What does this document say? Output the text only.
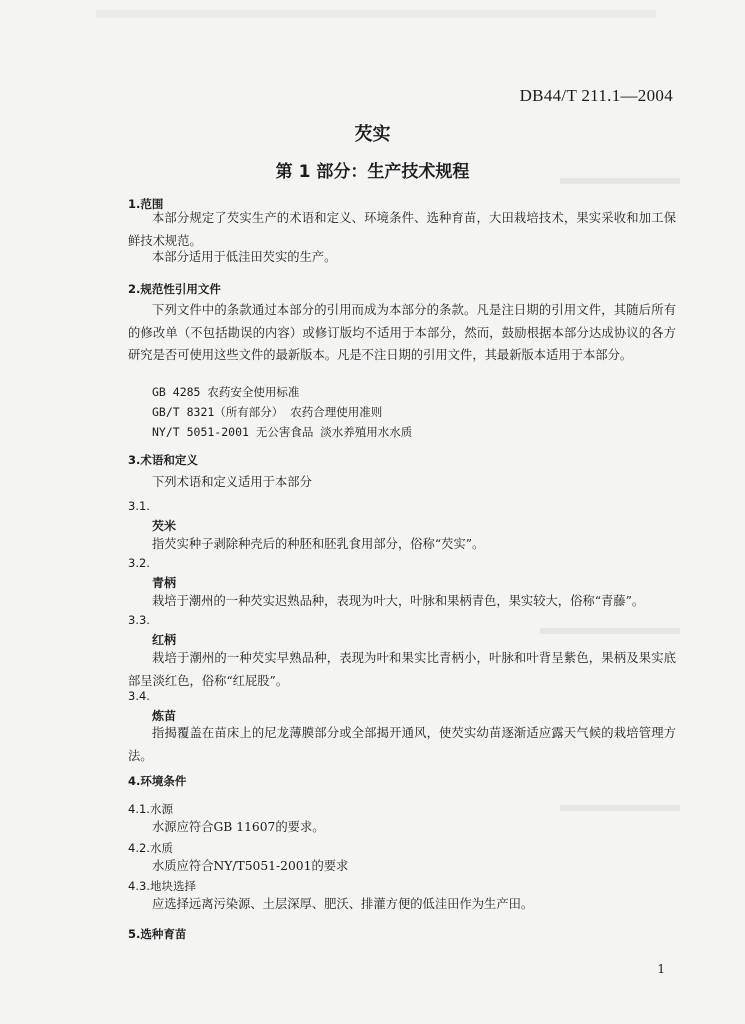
DB44/T 211.1—2004
芡实
第 1 部分：生产技术规程
1.范围
本部分规定了芡实生产的术语和定义、环境条件、选种育苗，大田栽培技术，果实采收和加工保鲜技术规范。
本部分适用于低洼田芡实的生产。
2.规范性引用文件
下列文件中的条款通过本部分的引用而成为本部分的条款。凡是注日期的引用文件，其随后所有的修改单（不包括勘误的内容）或修订版均不适用于本部分，然而，鼓励根据本部分达成协议的各方研究是否可使用这些文件的最新版本。凡是不注日期的引用文件，其最新版本适用于本部分。
GB 4285 农药安全使用标准
GB/T 8321（所有部分） 农药合理使用准则
NY/T 5051-2001 无公害食品 淡水养殖用水水质
3.术语和定义
下列术语和定义适用于本部分
3.1.
芡米
指芡实种子剥除种壳后的种胚和胚乳食用部分，俗称“芡实”。
3.2.
青柄
栽培于潮州的一种芡实迟熟品种，表现为叶大，叶脉和果柄青色，果实较大，俗称“青藤”。
3.3.
红柄
栽培于潮州的一种芡实早熟品种，表现为叶和果实比青柄小，叶脉和叶背呈紫色，果柄及果实底部呈淡红色，俗称“红屁股”。
3.4.
炼苗
指揭覆盖在苗床上的尼龙薄膜部分或全部揭开通风，使芡实幼苗逐渐适应露天气候的栽培管理方法。
4.环境条件
4.1.水源
水源应符合GB 11607的要求。
4.2.水质
水质应符合NY/T5051-2001的要求
4.3.地块选择
应选择远离污染源、土层深厚、肥沃、排灌方便的低洼田作为生产田。
5.选种育苗
1
